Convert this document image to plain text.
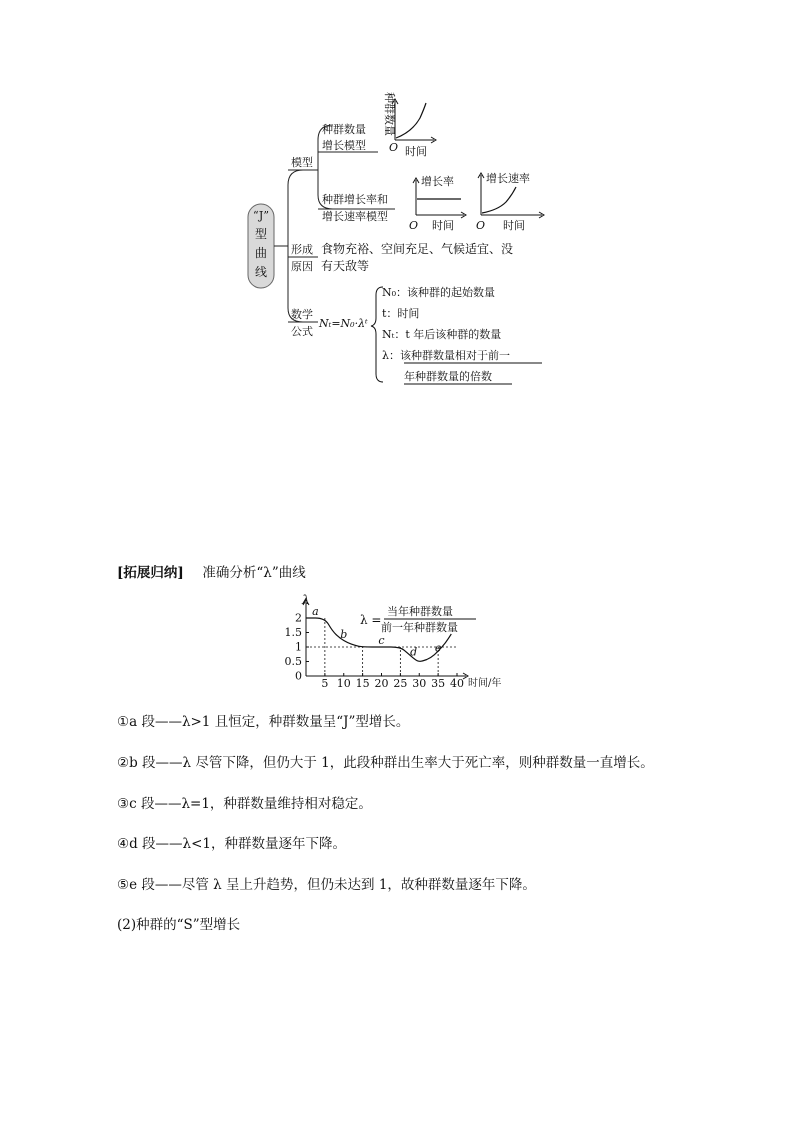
“J”
型
曲
线
模型
种群数量
增长模型
种群增长率和
增长速率模型
种群数量
O 时间
增长率
O 时间
增长速率
O 时间
形成
原因
食物充裕、空间充足、气候适宜、没
有天敌等
数学
公式
Nₜ=N₀·λᵗ
N₀：该种群的起始数量
t：时间
Nₜ：t 年后该种群的数量
λ：该种群数量相对于前一
年种群数量的倍数
[拓展归纳] 准确分析“λ”曲线
λ
时间/年
λ =
当年种群数量
前一年种群数量
0
0.5
1
1.5
2
5 10 15 20 25 30 35 40
a
b	c
d e
①a 段——λ>1 且恒定，种群数量呈“J”型增长。
②b 段——λ 尽管下降，但仍大于 1，此段种群出生率大于死亡率，则种群数量一直增长。
③c 段——λ=1，种群数量维持相对稳定。
④d 段——λ<1，种群数量逐年下降。
⑤e 段——尽管 λ 呈上升趋势，但仍未达到 1，故种群数量逐年下降。
(2)种群的“S”型增长
